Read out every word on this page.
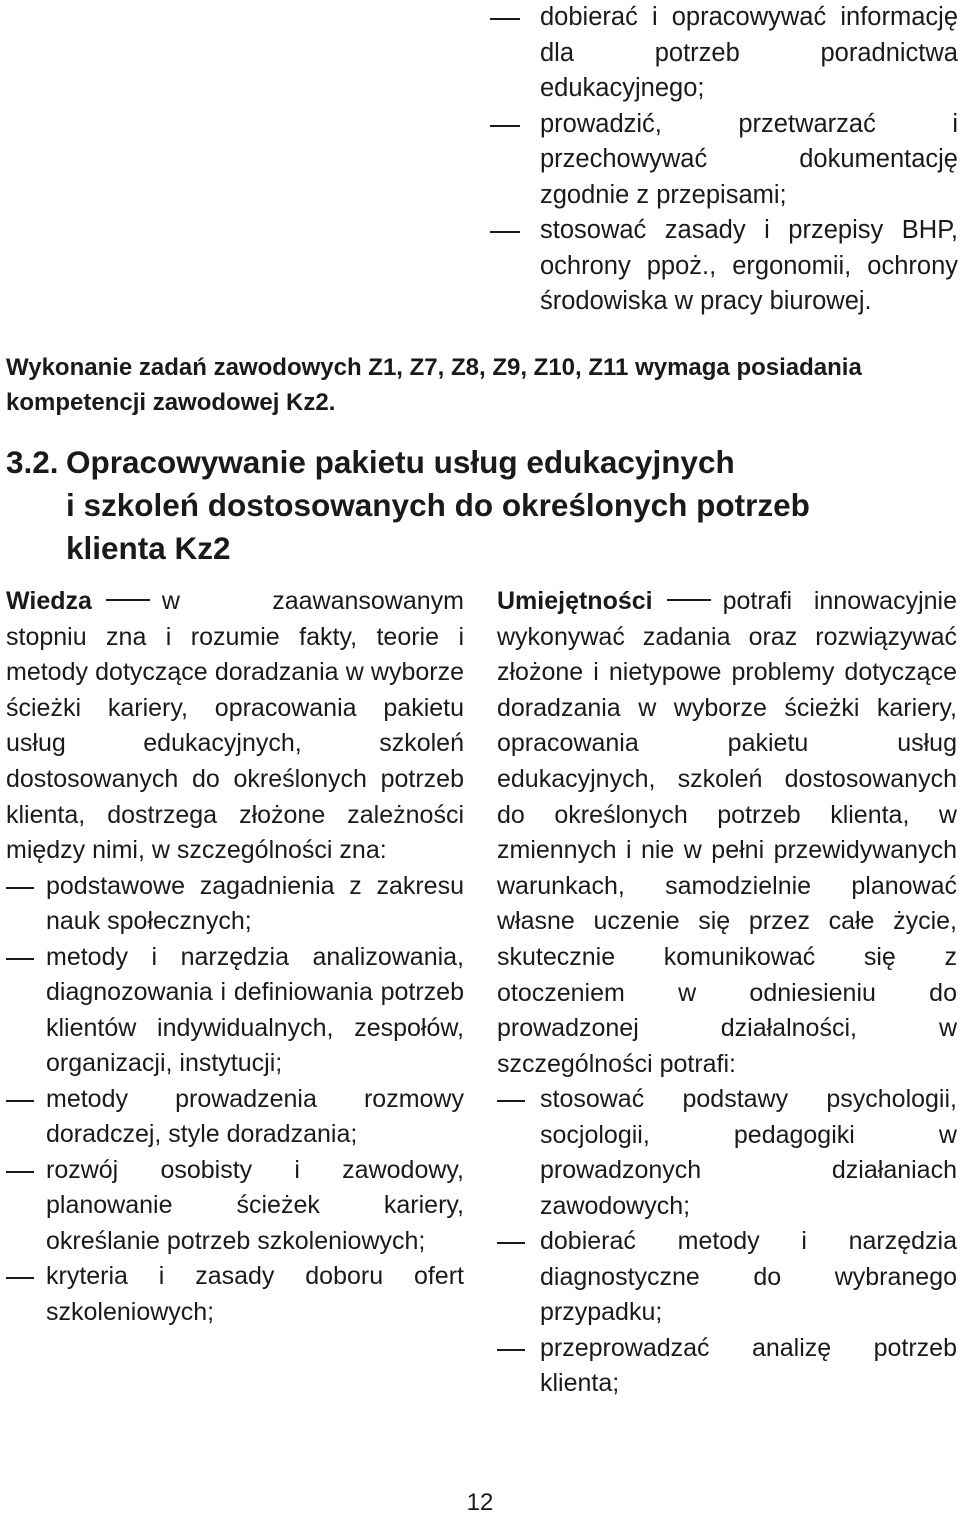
dobierać i opracowywać informację dla potrzeb poradnictwa edukacyjnego;
prowadzić, przetwarzać i przechowywać dokumentację zgodnie z przepisami;
stosować zasady i przepisy BHP, ochrony ppoż., ergonomii, ochrony środowiska w pracy biurowej.
Wykonanie zadań zawodowych Z1, Z7, Z8, Z9, Z10, Z11 wymaga posiadania kompetencji zawodowej Kz2.
3.2. Opracowywanie pakietu usług edukacyjnych
i szkoleń dostosowanych do określonych potrzeb
klienta Kz2

Wiedza	w zaawansowanym stopniu zna i rozumie fakty, teorie i metody dotyczące doradzania w wyborze ścieżki kariery, opracowania pakietu usług edukacyjnych, szkoleń dostosowanych do określonych potrzeb klienta, dostrzega złożone zależności między nimi, w szczególności zna:

podstawowe zagadnienia z zakresu nauk społecznych;
metody i narzędzia analizowania, diagnozowania i definiowania potrzeb klientów indywidualnych, zespołów, organizacji, instytucji;
metody prowadzenia rozmowy doradczej, style doradzania;
rozwój osobisty i zawodowy, planowanie ścieżek kariery, określanie potrzeb szkoleniowych;
kryteria i zasady doboru ofert szkoleniowych;

Umiejętności	potrafi innowacyjnie wykonywać zadania oraz rozwiązywać złożone i nietypowe problemy dotyczące doradzania w wyborze ścieżki kariery, opracowania pakietu usług edukacyjnych, szkoleń dostosowanych do określonych potrzeb klienta, w zmiennych i nie w pełni przewidywanych warunkach, samodzielnie planować własne uczenie się przez całe życie, skutecznie komunikować się z otoczeniem w odniesieniu do prowadzonej działalności, w szczególności potrafi:

stosować podstawy psychologii, socjologii, pedagogiki w prowadzonych działaniach zawodowych;
dobierać metody i narzędzia diagnostyczne do wybranego przypadku;
przeprowadzać analizę potrzeb klienta;
12
